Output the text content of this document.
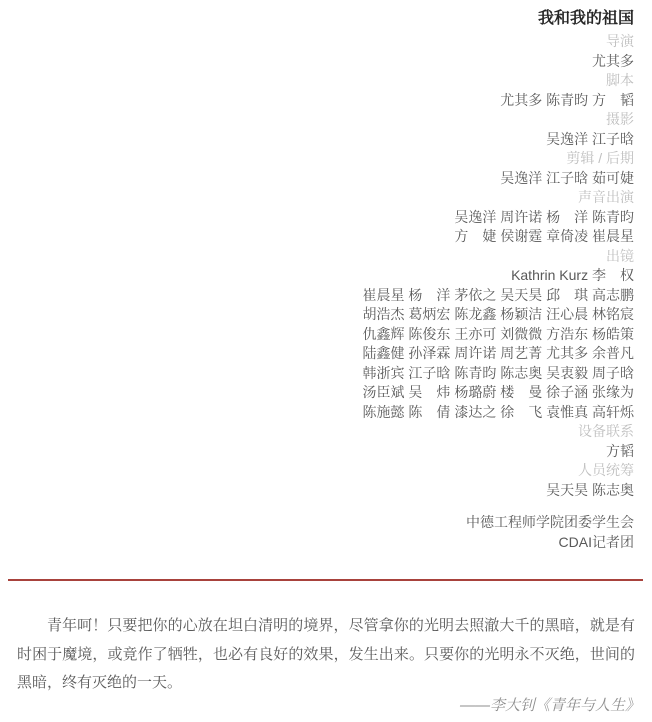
我和我的祖国
导演
尤其多
脚本
尤其多 陈青昀 方　韬
摄影
吴逸洋 江子晗
剪辑 / 后期
吴逸洋 江子晗 茹可婕
声音出演
吴逸洋 周许诺 杨　洋 陈青昀
方　婕 侯谢霆 章倚凌 崔晨星
出镜
Kathrin Kurz 李　权
崔晨星 杨　洋 茅依之 吴天昊 邱　琪 高志鹏
胡浩杰 葛炳宏 陈龙鑫 杨颖洁 汪心晨 林铭宸
仇鑫辉 陈俊东 王亦可 刘微微 方浩东 杨皓策
陆鑫健 孙泽霖 周许诺 周艺菁 尤其多 余普凡
韩浙宾 江子晗 陈青昀 陈志奥 吴衷毅 周子晗
汤臣斌 吴　炜 杨璐蔚 楼　曼 徐子涵 张缘为
陈施懿 陈　倩 漆达之 徐　飞 袁惟真 高轩烁
设备联系
方韬
人员统筹
吴天昊 陈志奥
中德工程师学院团委学生会
CDAI记者团
青年呵！只要把你的心放在坦白清明的境界，尽管拿你的光明去照澈大千的黑暗，就是有时困于魔境，或竟作了牺牲，也必有良好的效果，发生出来。只要你的光明永不灭绝，世间的黑暗，终有灭绝的一天。
——李大钊《青年与人生》
